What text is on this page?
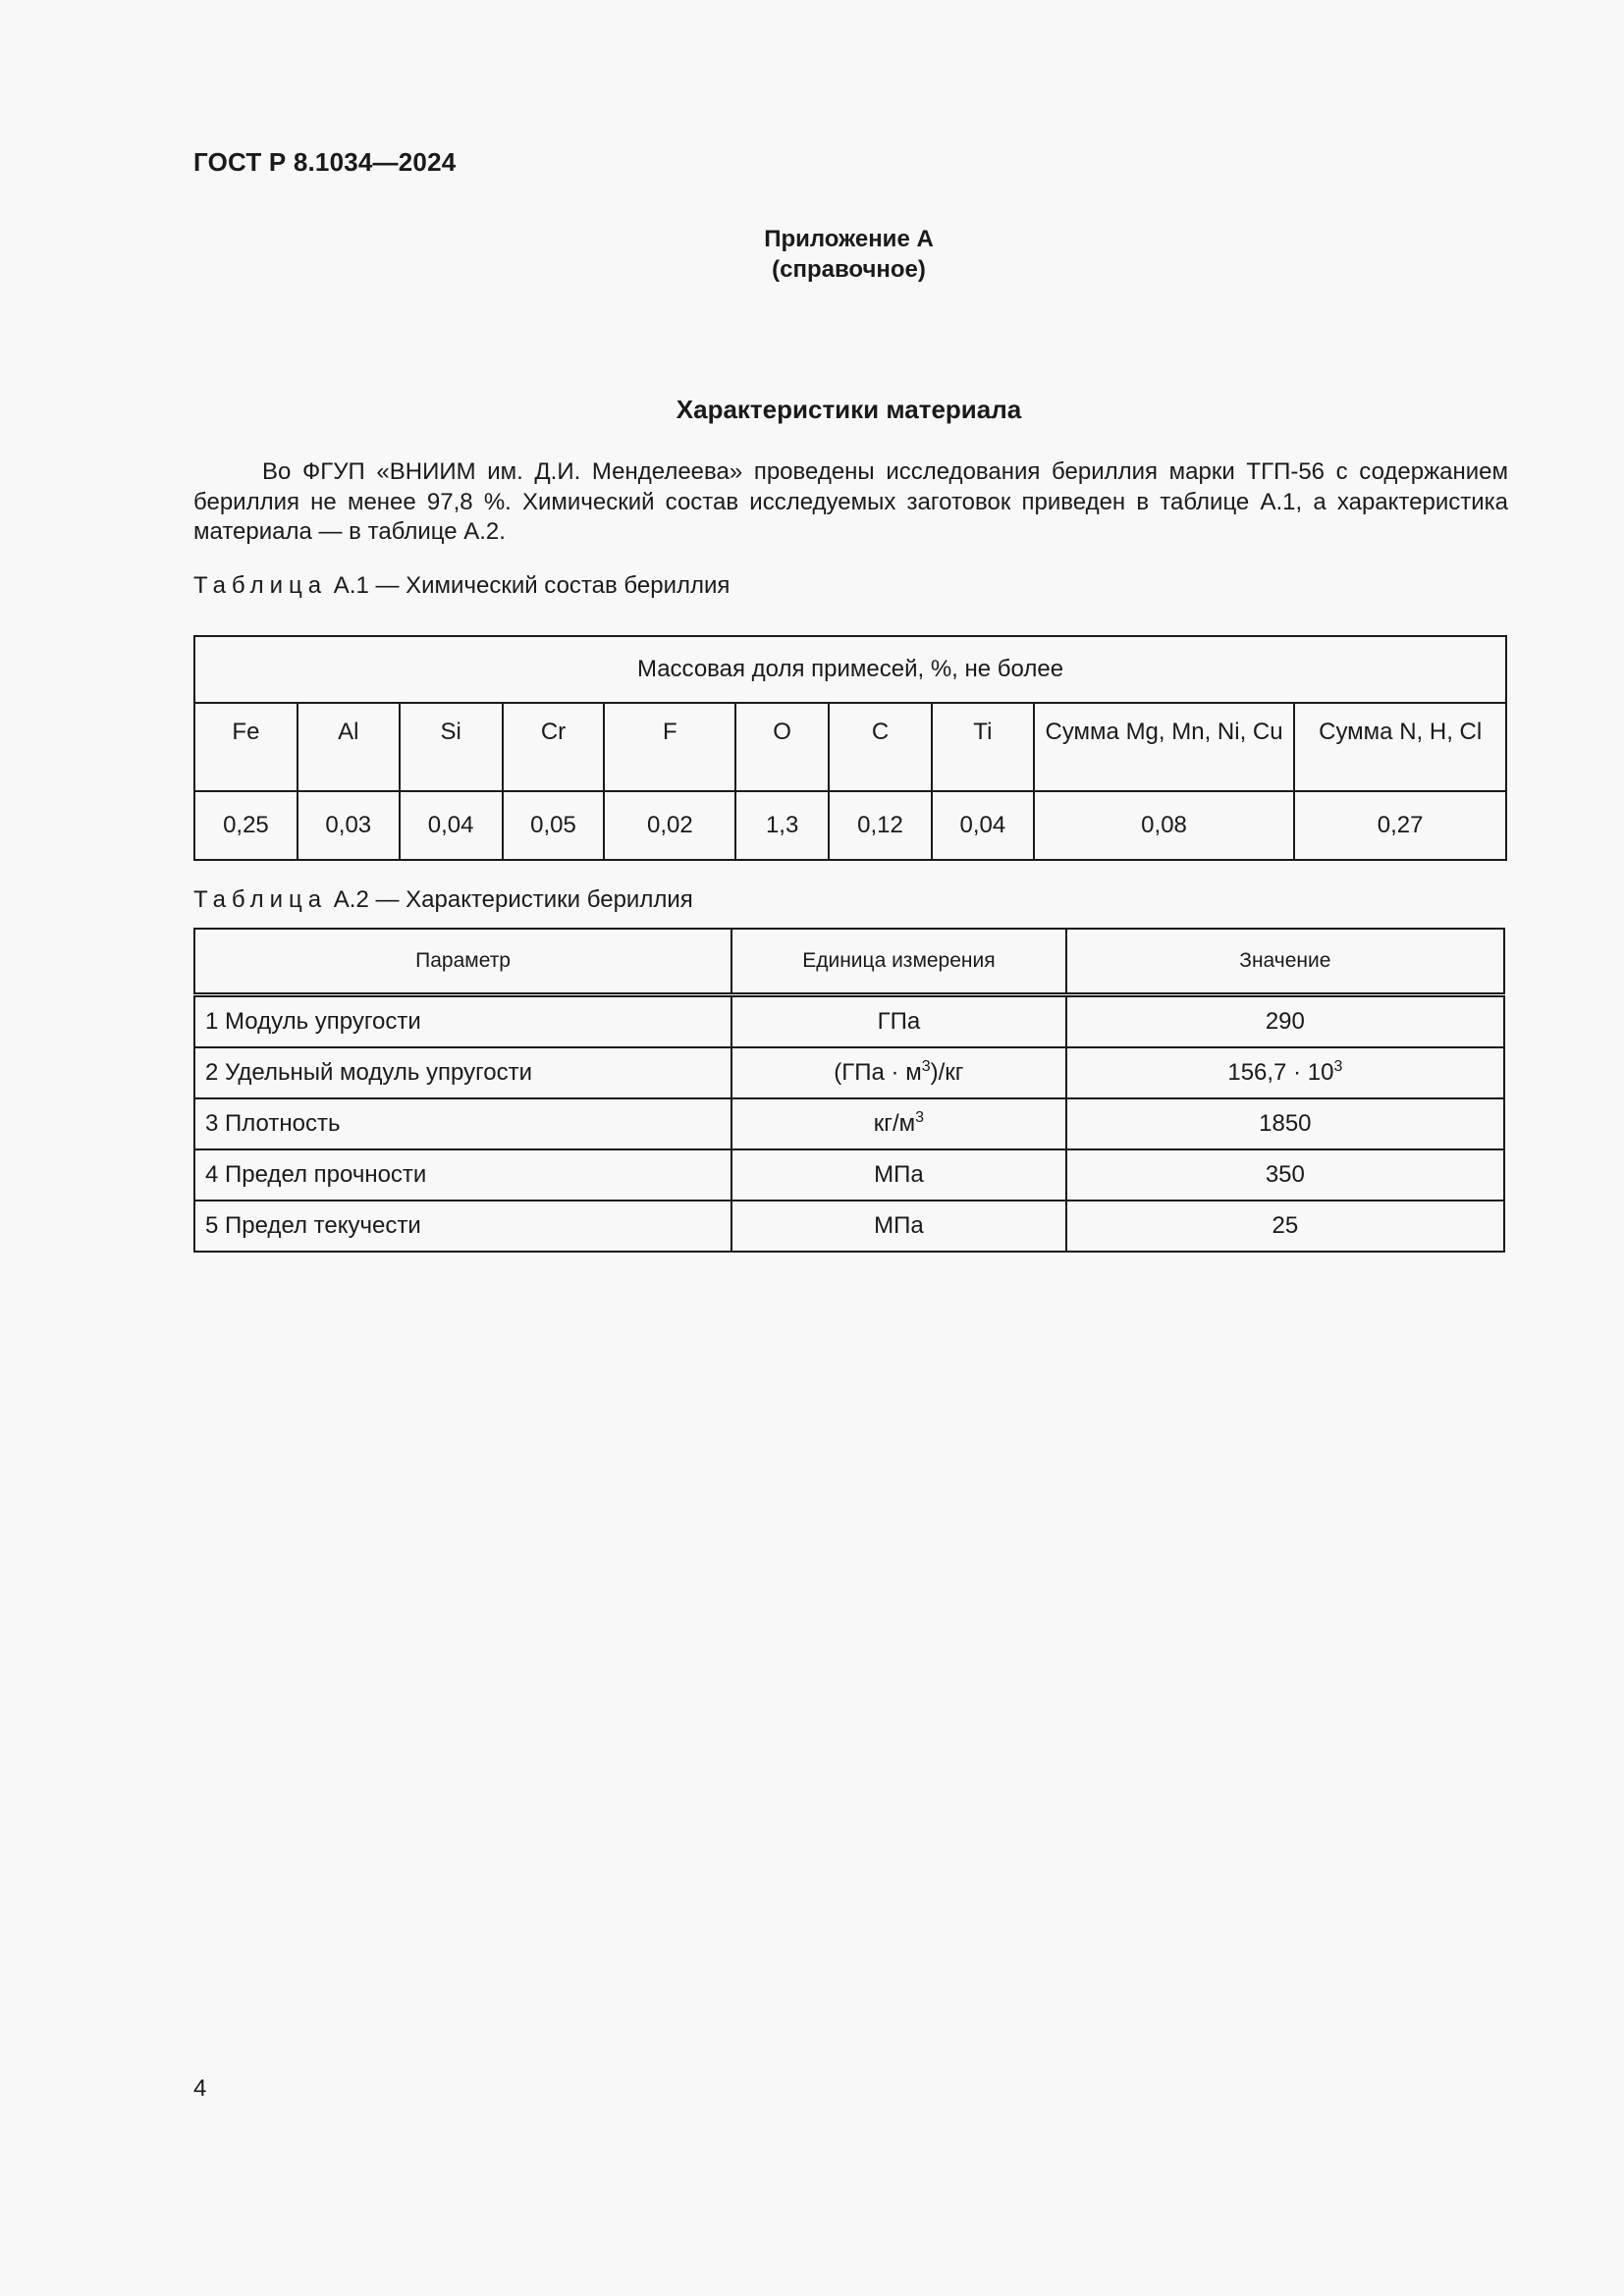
ГОСТ Р 8.1034—2024
Приложение А
(справочное)
Характеристики материала

Во ФГУП «ВНИИМ им. Д.И. Менделеева» проведены исследования бериллия марки ТГП-56 с содержанием бериллия не менее 97,8 %. Химический состав исследуемых заготовок приведен в таблице А.1, а характеристика материала — в таблице А.2.

Таблица А.1 — Химический состав бериллия
Массовая доля примесей, %, не более									
Fe	Al	Si	Cr	F	O	C	Ti	Сумма Mg, Mn, Ni, Cu	Сумма N, H, Cl
0,25	0,03	0,04	0,05	0,02	1,3	0,12	0,04	0,08	0,27
Таблица А.2 — Характеристики бериллия
Параметр	Единица измерения	Значение
1 Модуль упругости	ГПа	290
2 Удельный модуль упругости	$(ГПа \cdot м^3)/кг$	$156,7 \cdot 10^3$
3 Плотность	$кг/м^3$	1850
4 Предел прочности	МПа	350
5 Предел текучести	МПа	25
4
